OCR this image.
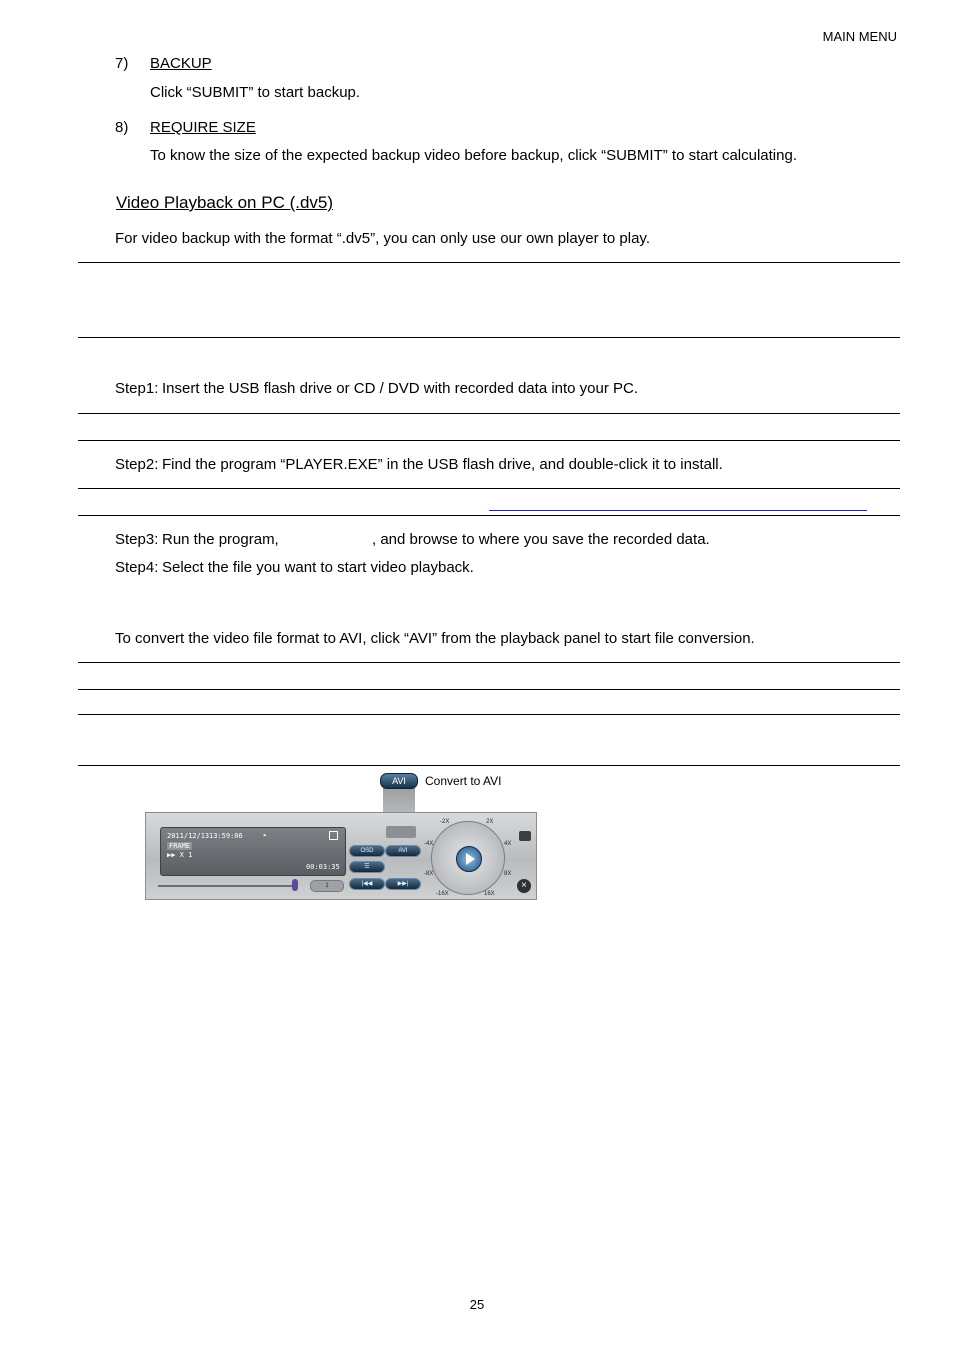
MAIN MENU
7) BACKUP
Click “SUBMIT” to start backup.
8) REQUIRE SIZE
To know the size of the expected backup video before backup, click “SUBMIT” to start calculating.
Video Playback on PC (.dv5)
For video backup with the format “.dv5”, you can only use our own player to play.
Step1: Insert the USB flash drive or CD / DVD with recorded data into your PC.
Step2: Find the program “PLAYER.EXE” in the USB flash drive, and double-click it to install.
Step3: Run the program,	, and browse to where you save the recorded data.
Step4: Select the file you want to start video playback.
To convert the video file format to AVI, click “AVI” from the playback panel to start file conversion.
AVI	Convert to AVI
2011/12/13 13:59:06	▸
FRAME
▶▶ X 1
00:03:35
1
OSD	AVI
☰
|◀◀	▶▶|
-2X	2X
-4X	4X
-8X	8X
-16X	16X
×
25
